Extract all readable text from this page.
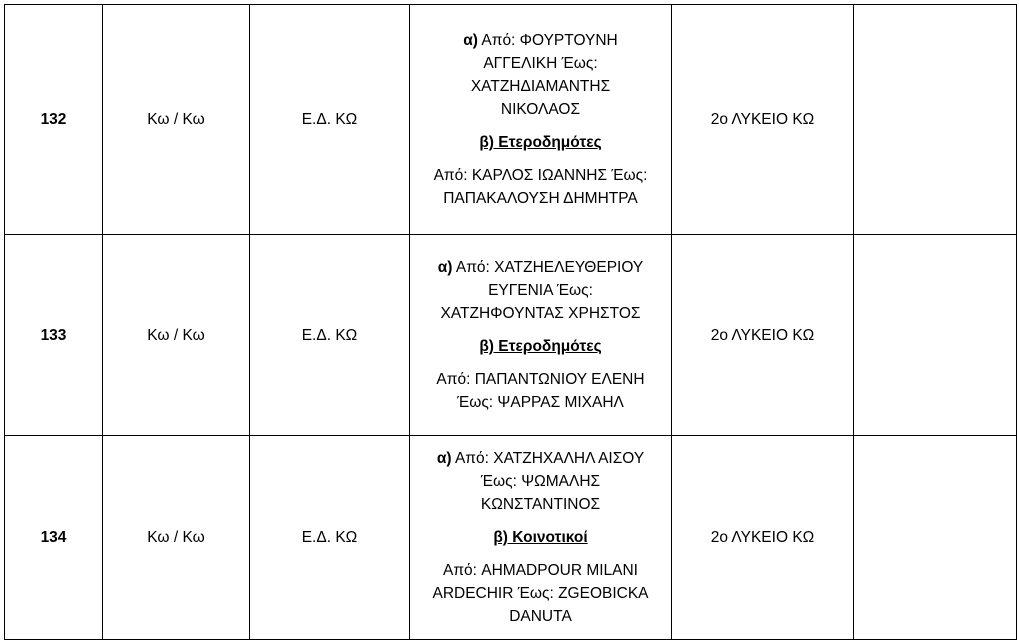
132	Κω / Κω	Ε.Δ. ΚΩ	α) Από: ΦΟΥΡΤΟΥΝΗ ΑΓΓΕΛΙΚΗ Έως: ΧΑΤΖΗΔΙΑΜΑΝΤΗΣ ΝΙΚΟΛΑΟΣ
β) Ετεροδημότες
Από: ΚΑΡΛΟΣ ΙΩΑΝΝΗΣ Έως: ΠΑΠΑΚΑΛΟΥΣΗ ΔΗΜΗΤΡΑ	2ο ΛΥΚΕΙΟ ΚΩ	
133	Κω / Κω	Ε.Δ. ΚΩ	α) Από: ΧΑΤΖΗΕΛΕΥΘΕΡΙΟΥ ΕΥΓΕΝΙΑ Έως: ΧΑΤΖΗΦΟΥΝΤΑΣ ΧΡΗΣΤΟΣ
β) Ετεροδημότες
Από: ΠΑΠΑΝΤΩΝΙΟΥ ΕΛΕΝΗ Έως: ΨΑΡΡΑΣ ΜΙΧΑΗΛ	2ο ΛΥΚΕΙΟ ΚΩ	
134	Κω / Κω	Ε.Δ. ΚΩ	α) Από: ΧΑΤΖΗΧΑΛΗΛ ΑΙΣΟΥ Έως: ΨΩΜΑΛΗΣ ΚΩΝΣΤΑΝΤΙΝΟΣ
β) Κοινοτικοί
Από: AHMADPOUR MILANI ARDECHIR Έως: ZGEOBICKA DANUTA	2ο ΛΥΚΕΙΟ ΚΩ	
